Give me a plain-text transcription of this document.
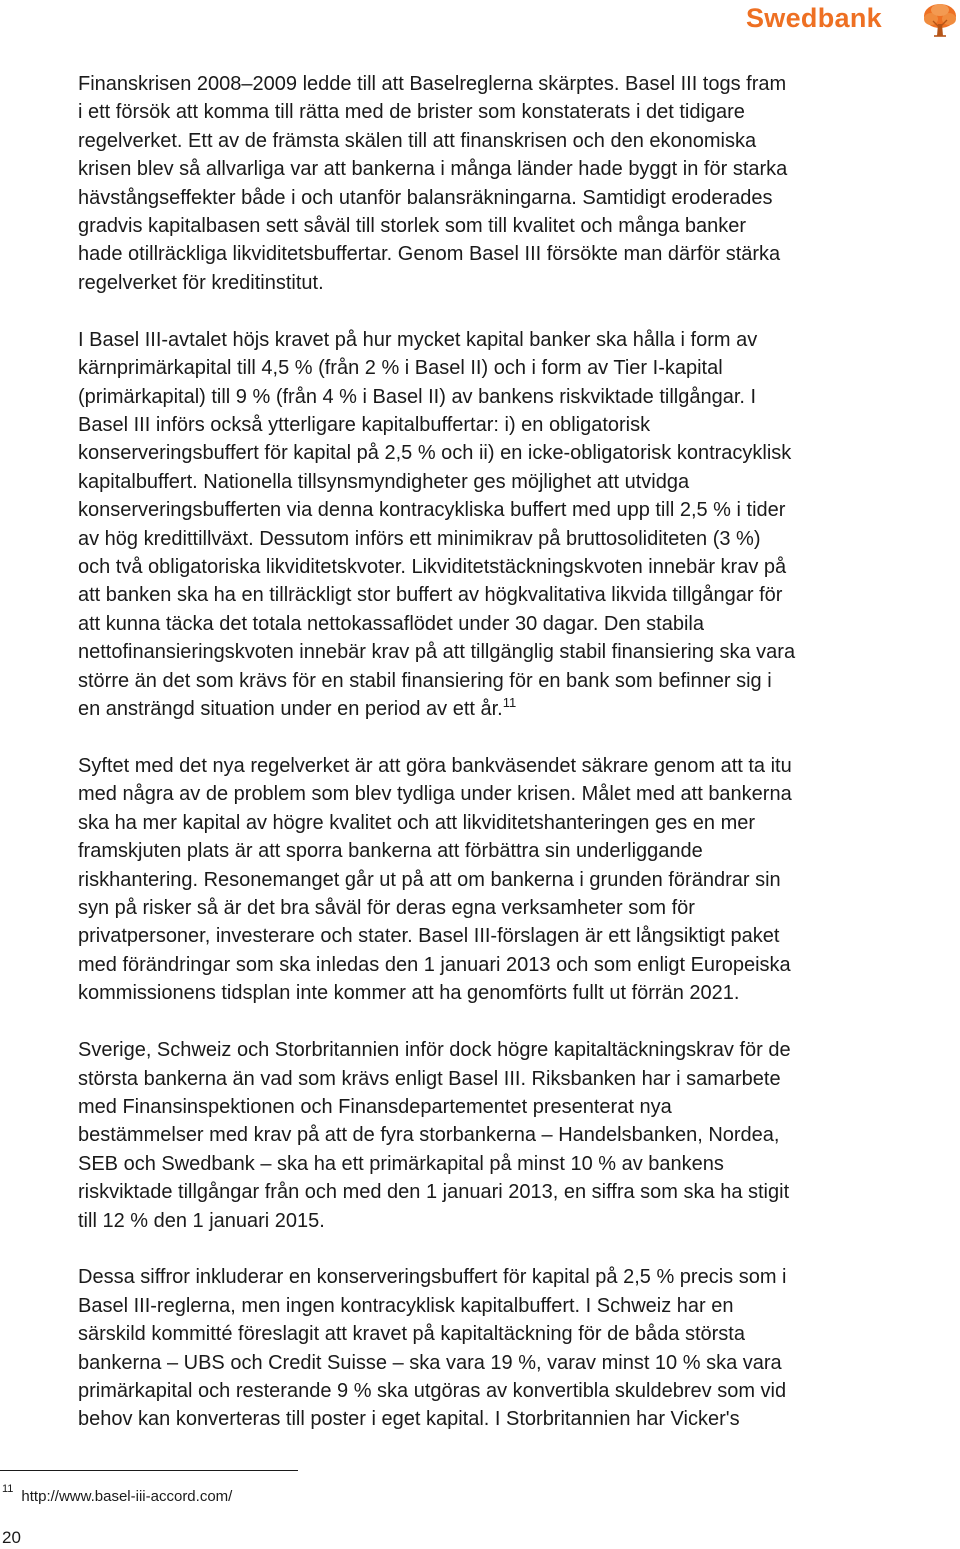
Swedbank

Finanskrisen 2008–2009 ledde till att Baselreglerna skärptes. Basel III togs fram
i ett försök att komma till rätta med de brister som konstaterats i det tidigare
regelverket. Ett av de främsta skälen till att finanskrisen och den ekonomiska
krisen blev så allvarliga var att bankerna i många länder hade byggt in för starka
hävstångseffekter både i och utanför balansräkningarna. Samtidigt eroderades
gradvis kapitalbasen sett såväl till storlek som till kvalitet och många banker
hade otillräckliga likviditetsbuffertar. Genom Basel III försökte man därför stärka
regelverket för kreditinstitut.

I Basel III-avtalet höjs kravet på hur mycket kapital banker ska hålla i form av
kärnprimärkapital till 4,5 % (från 2 % i Basel II) och i form av Tier I-kapital
(primärkapital) till 9 % (från 4 % i Basel II) av bankens riskviktade tillgångar. I
Basel III införs också ytterligare kapitalbuffertar: i) en obligatorisk
konserveringsbuffert för kapital på 2,5 % och ii) en icke-obligatorisk kontracyklisk
kapitalbuffert. Nationella tillsynsmyndigheter ges möjlighet att utvidga
konserveringsbufferten via denna kontracykliska buffert med upp till 2,5 % i tider
av hög kredittillväxt. Dessutom införs ett minimikrav på bruttosoliditeten (3 %)
och två obligatoriska likviditetskvoter. Likviditetstäckningskvoten innebär krav på
att banken ska ha en tillräckligt stor buffert av högkvalitativa likvida tillgångar för
att kunna täcka det totala nettokassaflödet under 30 dagar. Den stabila
nettofinansieringskvoten innebär krav på att tillgänglig stabil finansiering ska vara
större än det som krävs för en stabil finansiering för en bank som befinner sig i
en ansträngd situation under en period av ett år.$^{11}$

Syftet med det nya regelverket är att göra bankväsendet säkrare genom att ta itu
med några av de problem som blev tydliga under krisen. Målet med att bankerna
ska ha mer kapital av högre kvalitet och att likviditetshanteringen ges en mer
framskjuten plats är att sporra bankerna att förbättra sin underliggande
riskhantering. Resonemanget går ut på att om bankerna i grunden förändrar sin
syn på risker så är det bra såväl för deras egna verksamheter som för
privatpersoner, investerare och stater. Basel III-förslagen är ett långsiktigt paket
med förändringar som ska inledas den 1 januari 2013 och som enligt Europeiska
kommissionens tidsplan inte kommer att ha genomförts fullt ut förrän 2021.

Sverige, Schweiz och Storbritannien inför dock högre kapitaltäckningskrav för de
största bankerna än vad som krävs enligt Basel III. Riksbanken har i samarbete
med Finansinspektionen och Finansdepartementet presenterat nya
bestämmelser med krav på att de fyra storbankerna – Handelsbanken, Nordea,
SEB och Swedbank – ska ha ett primärkapital på minst 10 % av bankens
riskviktade tillgångar från och med den 1 januari 2013, en siffra som ska ha stigit
till 12 % den 1 januari 2015.

Dessa siffror inkluderar en konserveringsbuffert för kapital på 2,5 % precis som i
Basel III-reglerna, men ingen kontracyklisk kapitalbuffert. I Schweiz har en
särskild kommitté föreslagit att kravet på kapitaltäckning för de båda största
bankerna – UBS och Credit Suisse – ska vara 19 %, varav minst 10 % ska vara
primärkapital och resterande 9 % ska utgöras av konvertibla skuldebrev som vid
behov kan konverteras till poster i eget kapital. I Storbritannien har Vicker's

$^{11}$ http://www.basel-iii-accord.com/
20
